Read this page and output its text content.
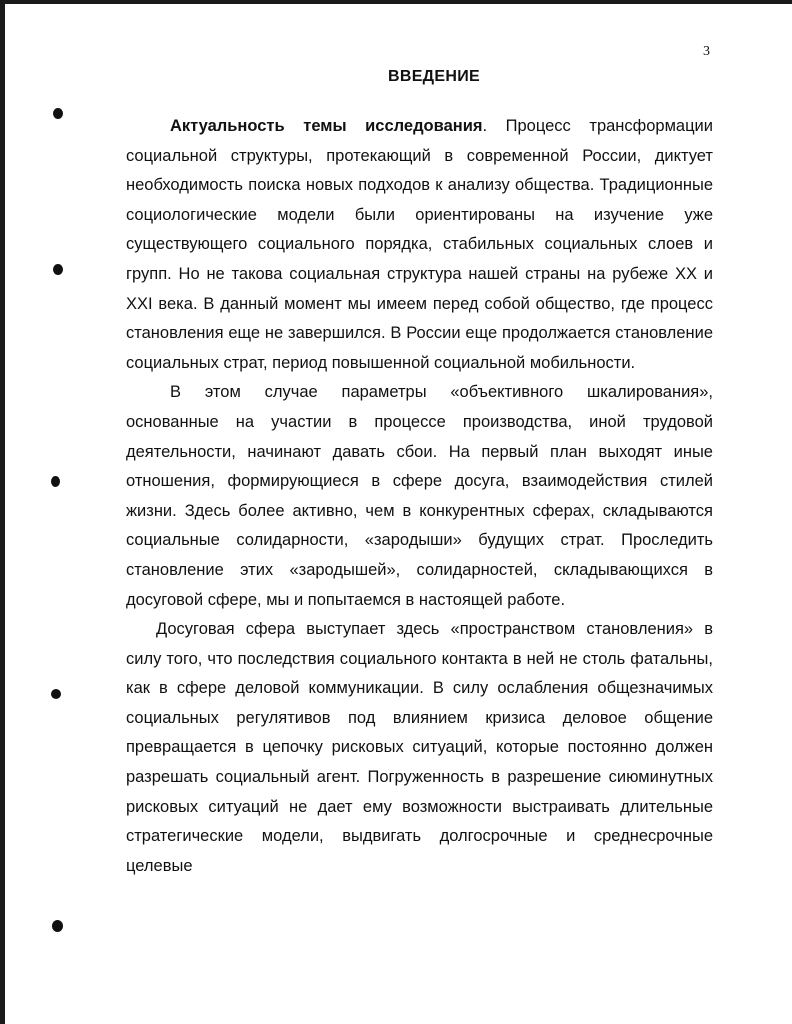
3
ВВЕДЕНИЕ

Актуальность темы исследования. Процесс трансформации социальной структуры, протекающий в современной России, диктует необходимость поиска новых подходов к анализу общества. Традиционные социологические модели были ориентированы на изучение уже существующего социального порядка, стабильных социальных слоев и групп. Но не такова социальная структура нашей страны на рубеже XX и XXI века. В данный момент мы имеем перед собой общество, где процесс становления еще не завершился. В России еще продолжается становление социальных страт, период повышенной социальной мобильности.

В этом случае параметры «объективного шкалирования», основанные на участии в процессе производства, иной трудовой деятельности, начинают давать сбои. На первый план выходят иные отношения, формирующиеся в сфере досуга, взаимодействия стилей жизни. Здесь более активно, чем в конкурентных сферах, складываются социальные солидарности, «зародыши» будущих страт. Проследить становление этих «зародышей», солидарностей, складывающихся в досуговой сфере, мы и попытаемся в настоящей работе.

Досуговая сфера выступает здесь «пространством становления» в силу того, что последствия социального контакта в ней не столь фатальны, как в сфере деловой коммуникации. В силу ослабления общезначимых социальных регулятивов под влиянием кризиса деловое общение превращается в цепочку рисковых ситуаций, которые постоянно должен разрешать социальный агент. Погруженность в разрешение сиюминутных рисковых ситуаций не дает ему возможности выстраивать длительные стратегические модели, выдвигать долгосрочные и среднесрочные целевые
